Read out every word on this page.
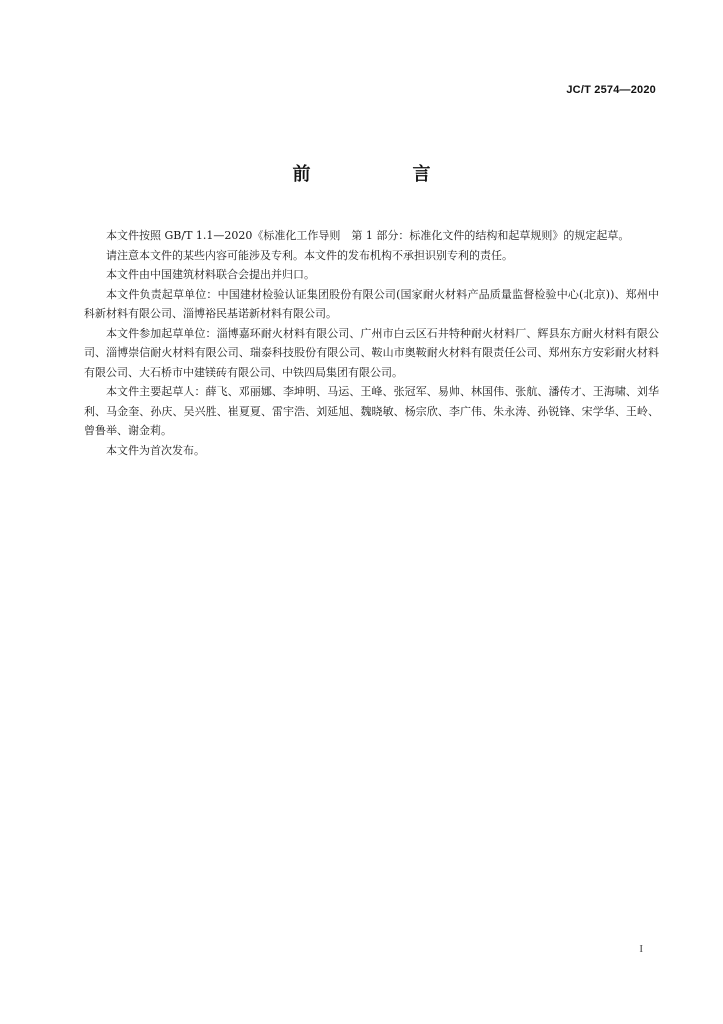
JC/T 2574—2020
前　言

本文件按照 GB/T 1.1—2020《标准化工作导则　第 1 部分：标准化文件的结构和起草规则》的规定起草。

请注意本文件的某些内容可能涉及专利。本文件的发布机构不承担识别专利的责任。

本文件由中国建筑材料联合会提出并归口。

本文件负责起草单位：中国建材检验认证集团股份有限公司(国家耐火材料产品质量监督检验中心(北京))、郑州中科新材料有限公司、淄博裕民基诺新材料有限公司。

本文件参加起草单位：淄博嘉环耐火材料有限公司、广州市白云区石井特种耐火材料厂、辉县东方耐火材料有限公司、淄博崇信耐火材料有限公司、瑞泰科技股份有限公司、鞍山市奥鞍耐火材料有限责任公司、郑州东方安彩耐火材料有限公司、大石桥市中建镁砖有限公司、中铁四局集团有限公司。

本文件主要起草人：薛飞、邓丽娜、李坤明、马运、王峰、张冠军、易帅、林国伟、张航、潘传才、王海啸、刘华利、马金奎、孙庆、吴兴胜、崔夏夏、雷宇浩、刘延旭、魏晓敏、杨宗欣、李广伟、朱永涛、孙锐锋、宋学华、王岭、曾鲁举、谢金莉。

本文件为首次发布。

I
